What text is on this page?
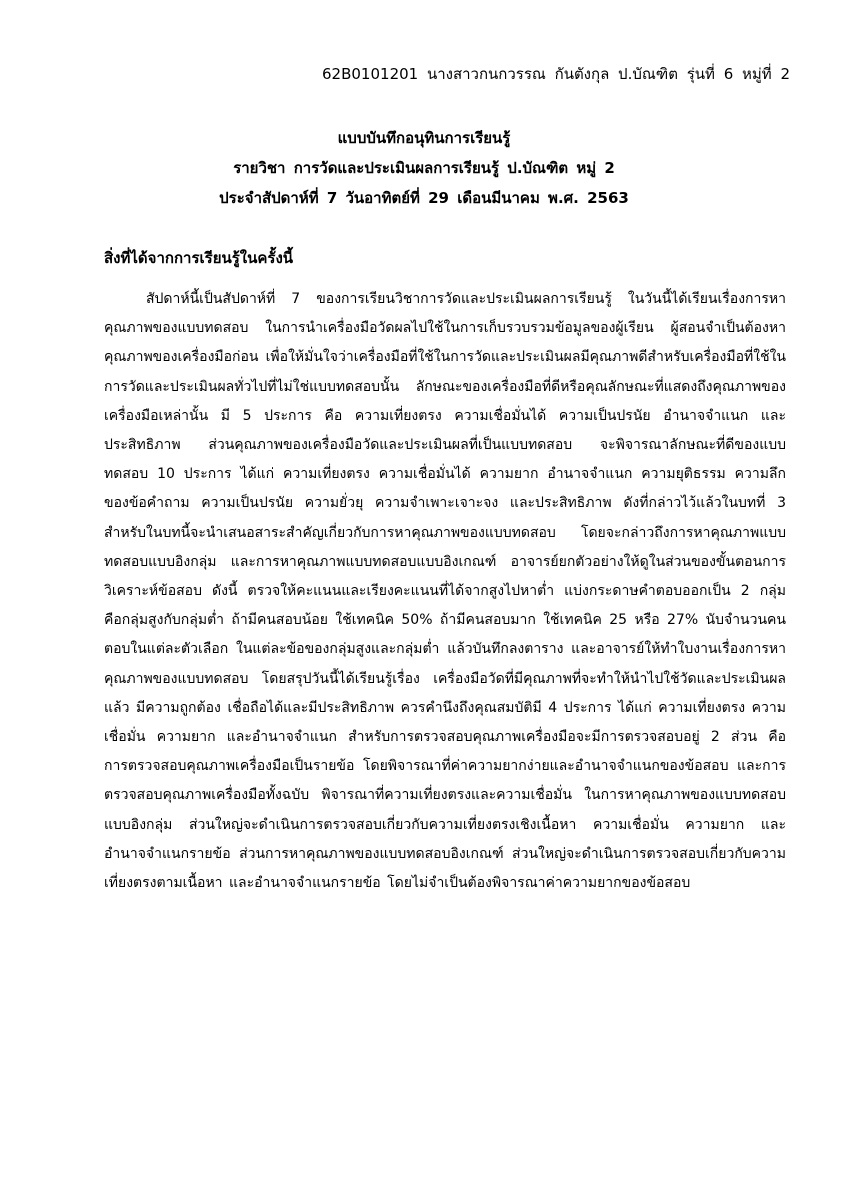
62B0101201 นางสาวกนกวรรณ กันตังกุล ป.บัณฑิต รุ่นที่ 6 หมู่ที่ 2
แบบบันทึกอนุทินการเรียนรู้
รายวิชา การวัดและประเมินผลการเรียนรู้ ป.บัณฑิต หมู่ 2
ประจำสัปดาห์ที่ 7 วันอาทิตย์ที่ 29 เดือนมีนาคม พ.ศ. 2563
สิ่งที่ได้จากการเรียนรู้ในครั้งนี้
สัปดาห์นี้เป็นสัปดาห์ที่ 7 ของการเรียนวิชาการวัดและประเมินผลการเรียนรู้ ในวันนี้ได้เรียนเรื่องการหาคุณภาพของแบบทดสอบ ในการนำเครื่องมือวัดผลไปใช้ในการเก็บรวบรวมข้อมูลของผู้เรียน ผู้สอนจำเป็นต้องหาคุณภาพของเครื่องมือก่อน เพื่อให้มั่นใจว่าเครื่องมือที่ใช้ในการวัดและประเมินผลมีคุณภาพดีสำหรับเครื่องมือที่ใช้ในการวัดและประเมินผลทั่วไปที่ไม่ใช่แบบทดสอบนั้น ลักษณะของเครื่องมือที่ดีหรือคุณลักษณะที่แสดงถึงคุณภาพของเครื่องมือเหล่านั้น มี 5 ประการ คือ ความเที่ยงตรง ความเชื่อมั่นได้ ความเป็นปรนัย อำนาจจำแนก และประสิทธิภาพ ส่วนคุณภาพของเครื่องมือวัดและประเมินผลที่เป็นแบบทดสอบ จะพิจารณาลักษณะที่ดีของแบบทดสอบ 10 ประการ ได้แก่ ความเที่ยงตรง ความเชื่อมั่นได้ ความยาก อำนาจจำแนก ความยุติธรรม ความลึกของข้อคำถาม ความเป็นปรนัย ความยั่วยุ ความจำเพาะเจาะจง และประสิทธิภาพ ดังที่กล่าวไว้แล้วในบทที่ 3 สำหรับในบทนี้จะนำเสนอสาระสำคัญเกี่ยวกับการหาคุณภาพของแบบทดสอบ โดยจะกล่าวถึงการหาคุณภาพแบบทดสอบแบบอิงกลุ่ม และการหาคุณภาพแบบทดสอบแบบอิงเกณฑ์ อาจารย์ยกตัวอย่างให้ดูในส่วนของขั้นตอนการวิเคราะห์ข้อสอบ ดังนี้ ตรวจให้คะแนนและเรียงคะแนนที่ได้จากสูงไปหาต่ำ แบ่งกระดาษคำตอบออกเป็น 2 กลุ่ม คือกลุ่มสูงกับกลุ่มต่ำ ถ้ามีคนสอบน้อย ใช้เทคนิค 50% ถ้ามีคนสอบมาก ใช้เทคนิค 25 หรือ 27% นับจำนวนคนตอบในแต่ละตัวเลือก ในแต่ละข้อของกลุ่มสูงและกลุ่มต่ำ แล้วบันทึกลงตาราง และอาจารย์ให้ทำใบงานเรื่องการหาคุณภาพของแบบทดสอบ โดยสรุปวันนี้ได้เรียนรู้เรื่อง เครื่องมือวัดที่มีคุณภาพที่จะทำให้นำไปใช้วัดและประเมินผลแล้ว มีความถูกต้อง เชื่อถือได้และมีประสิทธิภาพ ควรคำนึงถึงคุณสมบัติมี 4 ประการ ได้แก่ ความเที่ยงตรง ความเชื่อมั่น ความยาก และอำนาจจำแนก สำหรับการตรวจสอบคุณภาพเครื่องมือจะมีการตรวจสอบอยู่ 2 ส่วน คือ การตรวจสอบคุณภาพเครื่องมือเป็นรายข้อ โดยพิจารณาที่ค่าความยากง่ายและอำนาจจำแนกของข้อสอบ และการตรวจสอบคุณภาพเครื่องมือทั้งฉบับ พิจารณาที่ความเที่ยงตรงและความเชื่อมั่น ในการหาคุณภาพของแบบทดสอบแบบอิงกลุ่ม ส่วนใหญ่จะดำเนินการตรวจสอบเกี่ยวกับความเที่ยงตรงเชิงเนื้อหา ความเชื่อมั่น ความยาก และอำนาจจำแนกรายข้อ ส่วนการหาคุณภาพของแบบทดสอบอิงเกณฑ์ ส่วนใหญ่จะดำเนินการตรวจสอบเกี่ยวกับความเที่ยงตรงตามเนื้อหา และอำนาจจำแนกรายข้อ โดยไม่จำเป็นต้องพิจารณาค่าความยากของข้อสอบ
